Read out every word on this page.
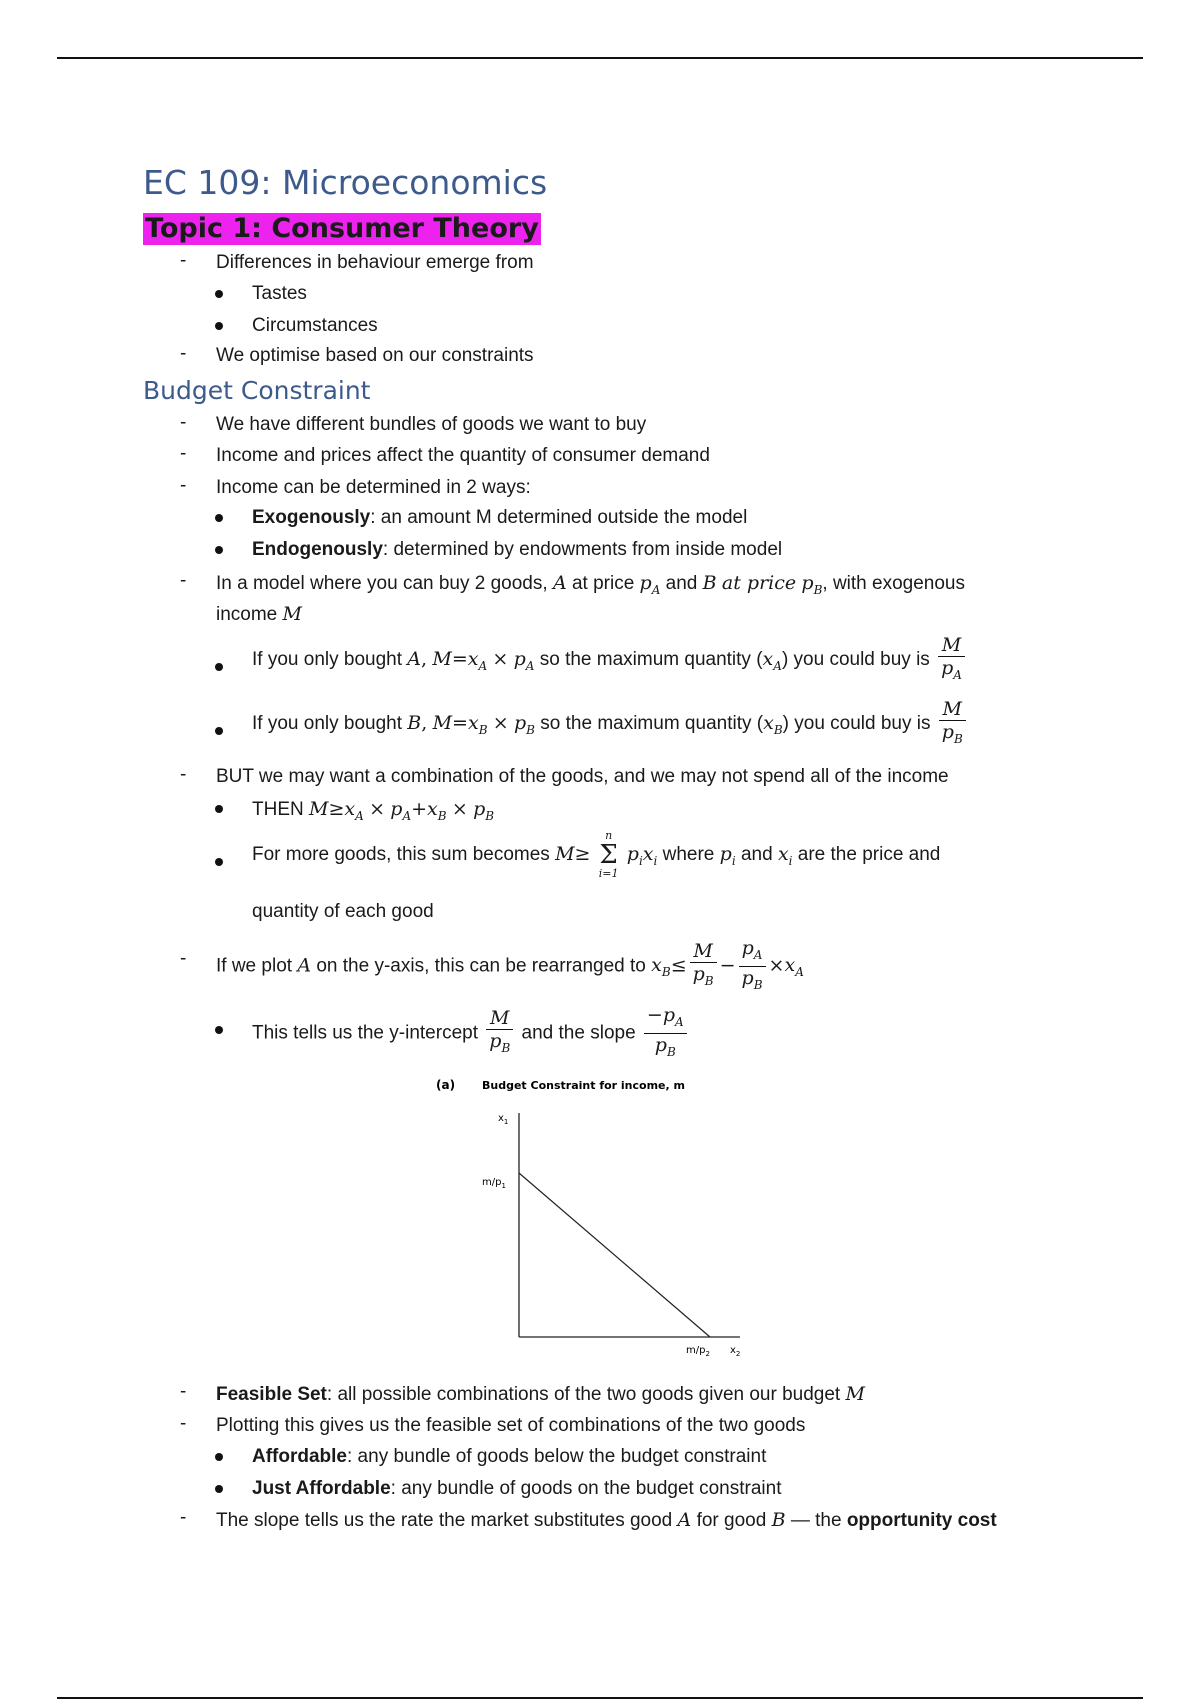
EC 109: Microeconomics
Topic 1: Consumer Theory
-
Differences in behaviour emerge from
Tastes
Circumstances
-
We optimise based on our constraints
Budget Constraint
-
We have different bundles of goods we want to buy
-
Income and prices affect the quantity of consumer demand
-
Income can be determined in 2 ways:
Exogenously: an amount M determined outside the model
Endogenously: determined by endowments from inside model
-
In a model where you can buy 2 goods, A at price $p_A$ and B at price $p_B$, with exogenous
income M
If you only bought A, $M=x_A \times p_A$ so the maximum quantity $(x_A)$ you could buy is $\frac{M}{p_A}$
If you only bought B, $M=x_B \times p_B$ so the maximum quantity $(x_B)$ you could buy is $\frac{M}{p_B}$
-
BUT we may want a combination of the goods, and we may not spend all of the income
THEN $M\ge x_A \times p_A+x_B \times p_B$
For more goods, this sum becomes M≥
n
Σ
i=1
$p_ix_i$ where $p_i$ and $x_i$ are the price and
quantity of each good
-
If we plot A on the y-axis, this can be rearranged to $x_B\le \frac{M}{p_B} - \frac{p_A}{p_B} \times x_A$
This tells us the y-intercept $\frac{M}{p_B}$ and the slope $\frac{-p_A}{p_B}$
(a) Budget Constraint for income, m
$x_1$
$m/p_1$
$m/p_2$ $x_2$
-
Feasible Set: all possible combinations of the two goods given our budget M
-
Plotting this gives us the feasible set of combinations of the two goods
Affordable: any bundle of goods below the budget constraint
Just Affordable: any bundle of goods on the budget constraint
-
The slope tells us the rate the market substitutes good A for good B — the opportunity cost
